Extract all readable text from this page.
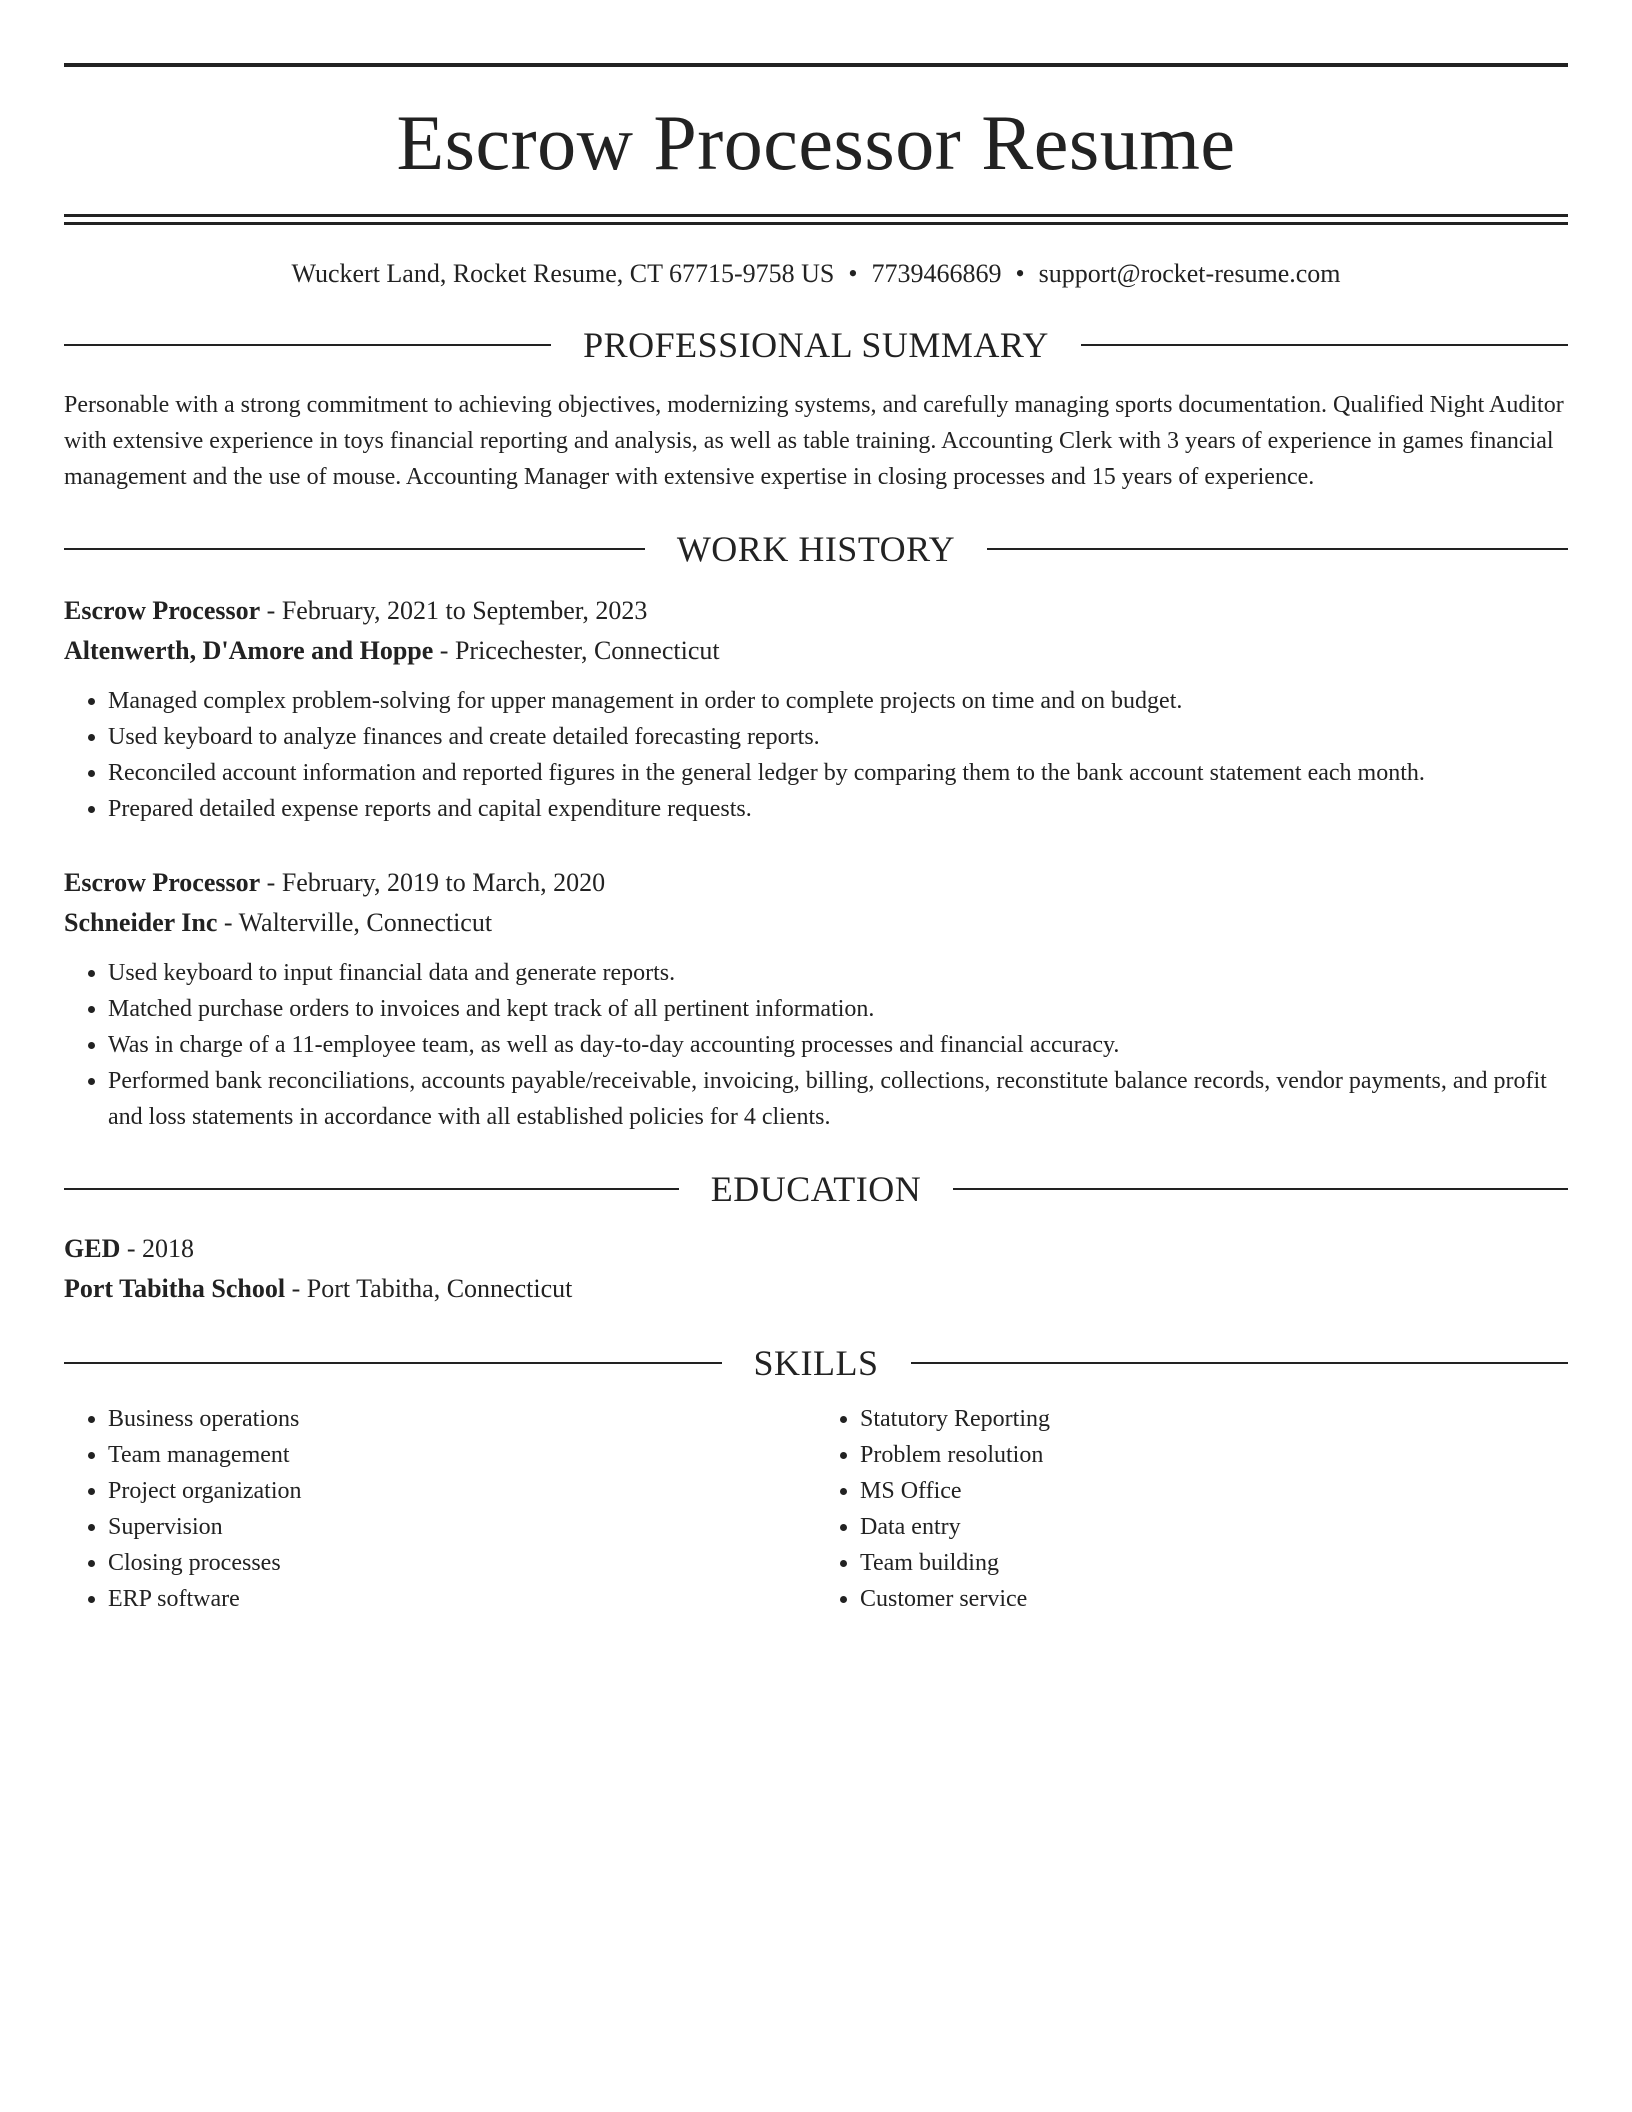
Escrow Processor Resume
Wuckert Land, Rocket Resume, CT 67715-9758 US • 7739466869 • support@rocket-resume.com
PROFESSIONAL SUMMARY
Personable with a strong commitment to achieving objectives, modernizing systems, and carefully managing sports documentation. Qualified Night Auditor with extensive experience in toys financial reporting and analysis, as well as table training. Accounting Clerk with 3 years of experience in games financial management and the use of mouse. Accounting Manager with extensive expertise in closing processes and 15 years of experience.
WORK HISTORY
Escrow Processor - February, 2021 to September, 2023
Altenwerth, D'Amore and Hoppe - Pricechester, Connecticut
• Managed complex problem-solving for upper management in order to complete projects on time and on budget.
• Used keyboard to analyze finances and create detailed forecasting reports.
• Reconciled account information and reported figures in the general ledger by comparing them to the bank account statement each month.
• Prepared detailed expense reports and capital expenditure requests.
Escrow Processor - February, 2019 to March, 2020
Schneider Inc - Walterville, Connecticut
• Used keyboard to input financial data and generate reports.
• Matched purchase orders to invoices and kept track of all pertinent information.
• Was in charge of a 11-employee team, as well as day-to-day accounting processes and financial accuracy.
• Performed bank reconciliations, accounts payable/receivable, invoicing, billing, collections, reconstitute balance records, vendor payments, and profit and loss statements in accordance with all established policies for 4 clients.
EDUCATION
GED - 2018
Port Tabitha School - Port Tabitha, Connecticut
SKILLS
• Business operations
• Team management
• Project organization
• Supervision
• Closing processes
• ERP software
• Statutory Reporting
• Problem resolution
• MS Office
• Data entry
• Team building
• Customer service
